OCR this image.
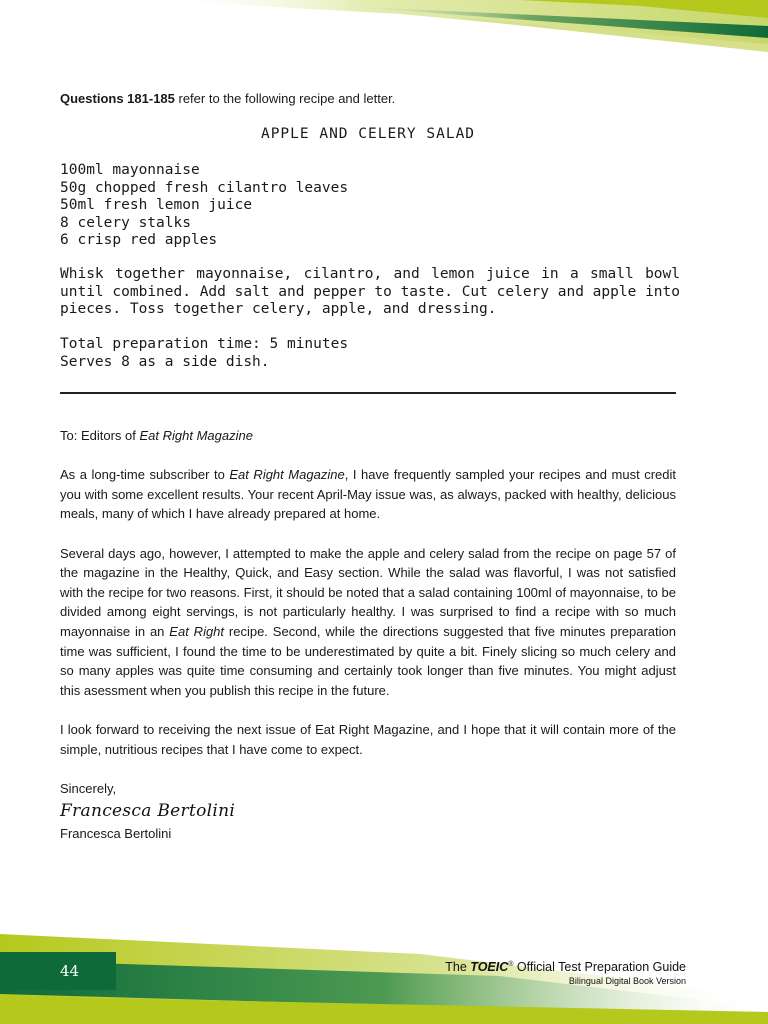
Questions 181-185 refer to the following recipe and letter.
APPLE AND CELERY SALAD
100ml mayonnaise
50g chopped fresh cilantro leaves
50ml fresh lemon juice
8 celery stalks
6 crisp red apples

Whisk together mayonnaise, cilantro, and lemon juice in a small bowl until combined. Add salt and pepper to taste. Cut celery and apple into pieces. Toss together celery, apple, and dressing.

Total preparation time: 5 minutes
Serves 8 as a side dish.

To: Editors of Eat Right Magazine

As a long-time subscriber to Eat Right Magazine, I have frequently sampled your recipes and must credit you with some excellent results. Your recent April-May issue was, as always, packed with healthy, delicious meals, many of which I have already prepared at home.

Several days ago, however, I attempted to make the apple and celery salad from the recipe on page 57 of the magazine in the Healthy, Quick, and Easy section. While the salad was flavorful, I was not satisfied with the recipe for two reasons. First, it should be noted that a salad containing 100ml of mayonnaise, to be divided among eight servings, is not particularly healthy. I was surprised to find a recipe with so much mayonnaise in an Eat Right recipe. Second, while the directions suggested that five minutes preparation time was sufficient, I found the time to be underestimated by quite a bit. Finely slicing so much celery and so many apples was quite time consuming and certainly took longer than five minutes. You might adjust this asessment when you publish this recipe in the future.

I look forward to receiving the next issue of Eat Right Magazine, and I hope that it will contain more of the simple, nutritious recipes that I have come to expect.

Sincerely,

Francesca Bertolini

Francesca Bertolini

44	The TOEIC® Official Test Preparation Guide
Bilingual Digital Book Version
